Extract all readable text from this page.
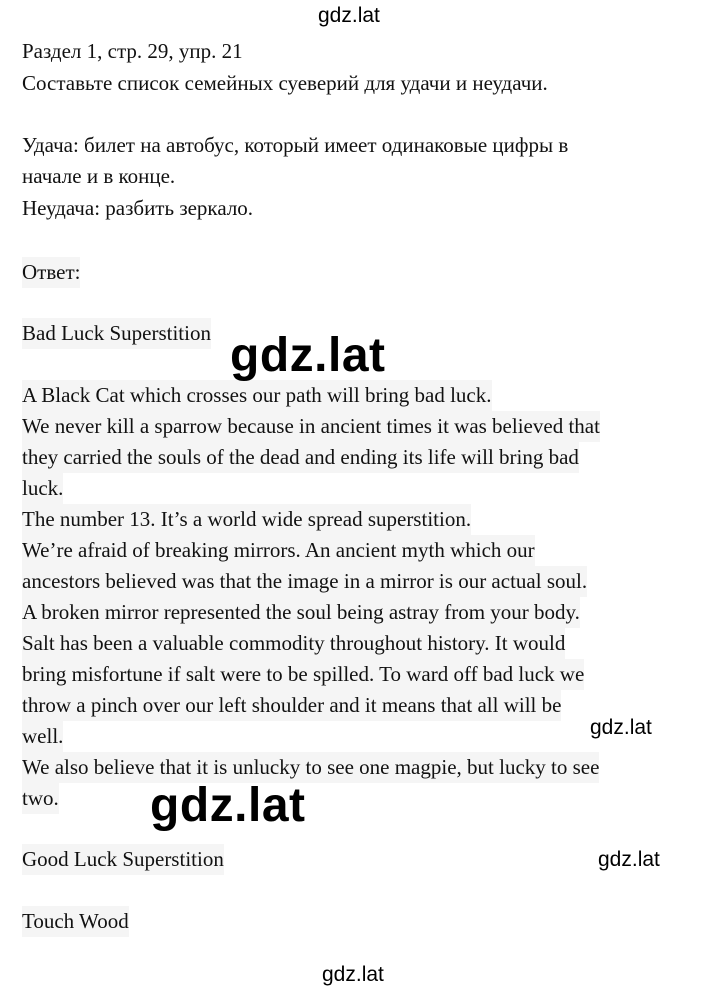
gdz.lat
Раздел 1, стр. 29, упр. 21
Составьте список семейных суеверий для удачи и неудачи.
Удача: билет на автобус, который имеет одинаковые цифры в
начале и в конце.
Неудача: разбить зеркало.
Ответ:
Bad Luck Superstition
A Black Cat which crosses our path will bring bad luck.
We never kill a sparrow because in ancient times it was believed that
they carried the souls of the dead and ending its life will bring bad
luck.
The number 13. It’s a world wide spread superstition.
We’re afraid of breaking mirrors. An ancient myth which our
ancestors believed was that the image in a mirror is our actual soul.
A broken mirror represented the soul being astray from your body.
Salt has been a valuable commodity throughout history. It would
bring misfortune if salt were to be spilled. To ward off bad luck we
throw a pinch over our left shoulder and it means that all will be
well.
We also believe that it is unlucky to see one magpie, but lucky to see
two.
Good Luck Superstition
Touch Wood
gdz.lat
gdz.lat
gdz.lat
gdz.lat
gdz.lat
